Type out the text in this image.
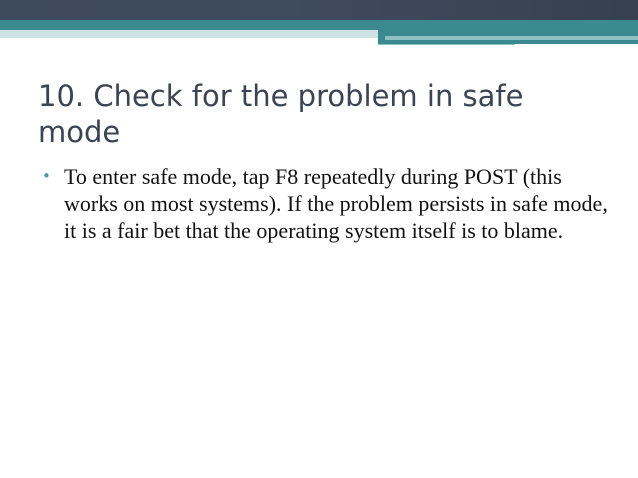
10. Check for the problem in safe mode
• To enter safe mode, tap F8 repeatedly during POST (this works on most systems). If the problem persists in safe mode, it is a fair bet that the operating system itself is to blame.
